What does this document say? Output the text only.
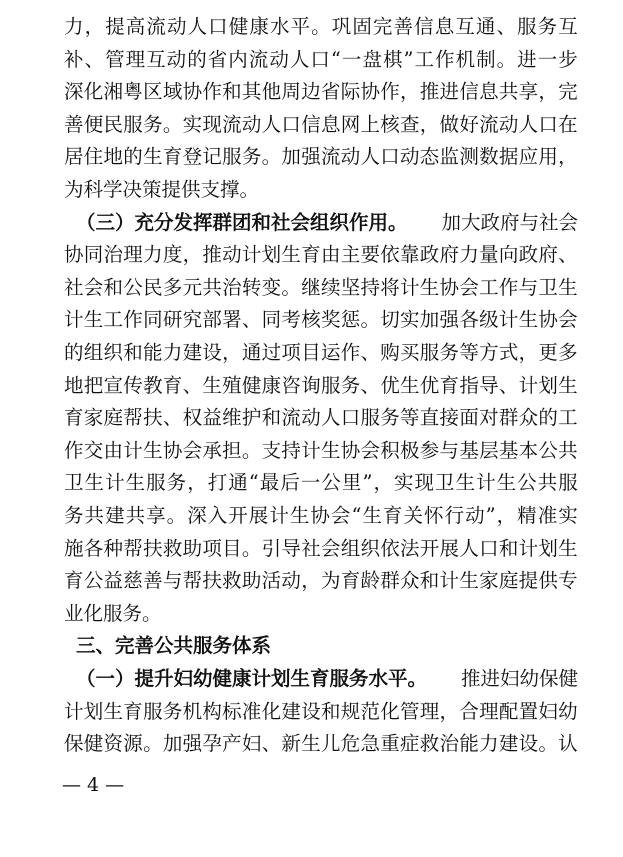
力 ， 提 高 流 动 人 口 健 康 水 平 。 巩 固 完 善 信 息 互 通 、 服 务 互
补 、 管 理 互 动 的 省 内 流 动 人 口 “ 一 盘 棋 ” 工 作 机 制 。 进 一 步
深 化 湘 粤 区 域 协 作 和 其 他 周 边 省 际 协 作 ， 推 进 信 息 共 享 ， 完
善 便 民 服 务 。 实 现 流 动 人 口 信 息 网 上 核 查 ， 做 好 流 动 人 口 在
居 住 地 的 生 育 登 记 服 务 。 加 强 流 动 人 口 动 态 监 测 数 据 应 用 ，
为科学决策提供支撑。
（三）充分发挥群团和社会组织作用。 加大政府与社会
协 同 治 理 力 度 ， 推 动 计 划 生 育 由 主 要 依 靠 政 府 力 量 向 政 府 、
社 会 和 公 民 多 元 共 治 转 变 。 继 续 坚 持 将 计 生 协 会 工 作 与 卫 生
计 生 工 作 同 研 究 部 署 、 同 考 核 奖 惩 。 切 实 加 强 各 级 计 生 协 会
的 组 织 和 能 力 建 设 ， 通 过 项 目 运 作 、 购 买 服 务 等 方 式 ， 更 多
地 把 宣 传 教 育 、 生 殖 健 康 咨 询 服 务 、 优 生 优 育 指 导 、 计 划 生
育 家 庭 帮 扶 、 权 益 维 护 和 流 动 人 口 服 务 等 直 接 面 对 群 众 的 工
作 交 由 计 生 协 会 承 担 。 支 持 计 生 协 会 积 极 参 与 基 层 基 本 公 共
卫 生 计 生 服 务 ， 打 通 “ 最 后 一 公 里 ” ， 实 现 卫 生 计 生 公 共 服
务 共 建 共 享 。 深 入 开 展 计 生 协 会 “ 生 育 关 怀 行 动 ” ， 精 准 实
施 各 种 帮 扶 救 助 项 目 。 引 导 社 会 组 织 依 法 开 展 人 口 和 计 划 生
育 公 益 慈 善 与 帮 扶 救 助 活 动 ， 为 育 龄 群 众 和 计 生 家 庭 提 供 专
业化服务。
三、完善公共服务体系
（一）提升妇幼健康计划生育服务水平。 推进妇幼保健
计 划 生 育 服 务 机 构 标 准 化 建 设 和 规 范 化 管 理 ， 合 理 配 置 妇 幼
保 健 资 源 。 加 强 孕 产 妇 、 新 生 儿 危 急 重 症 救 治 能 力 建 设 。 认
— 4 —
